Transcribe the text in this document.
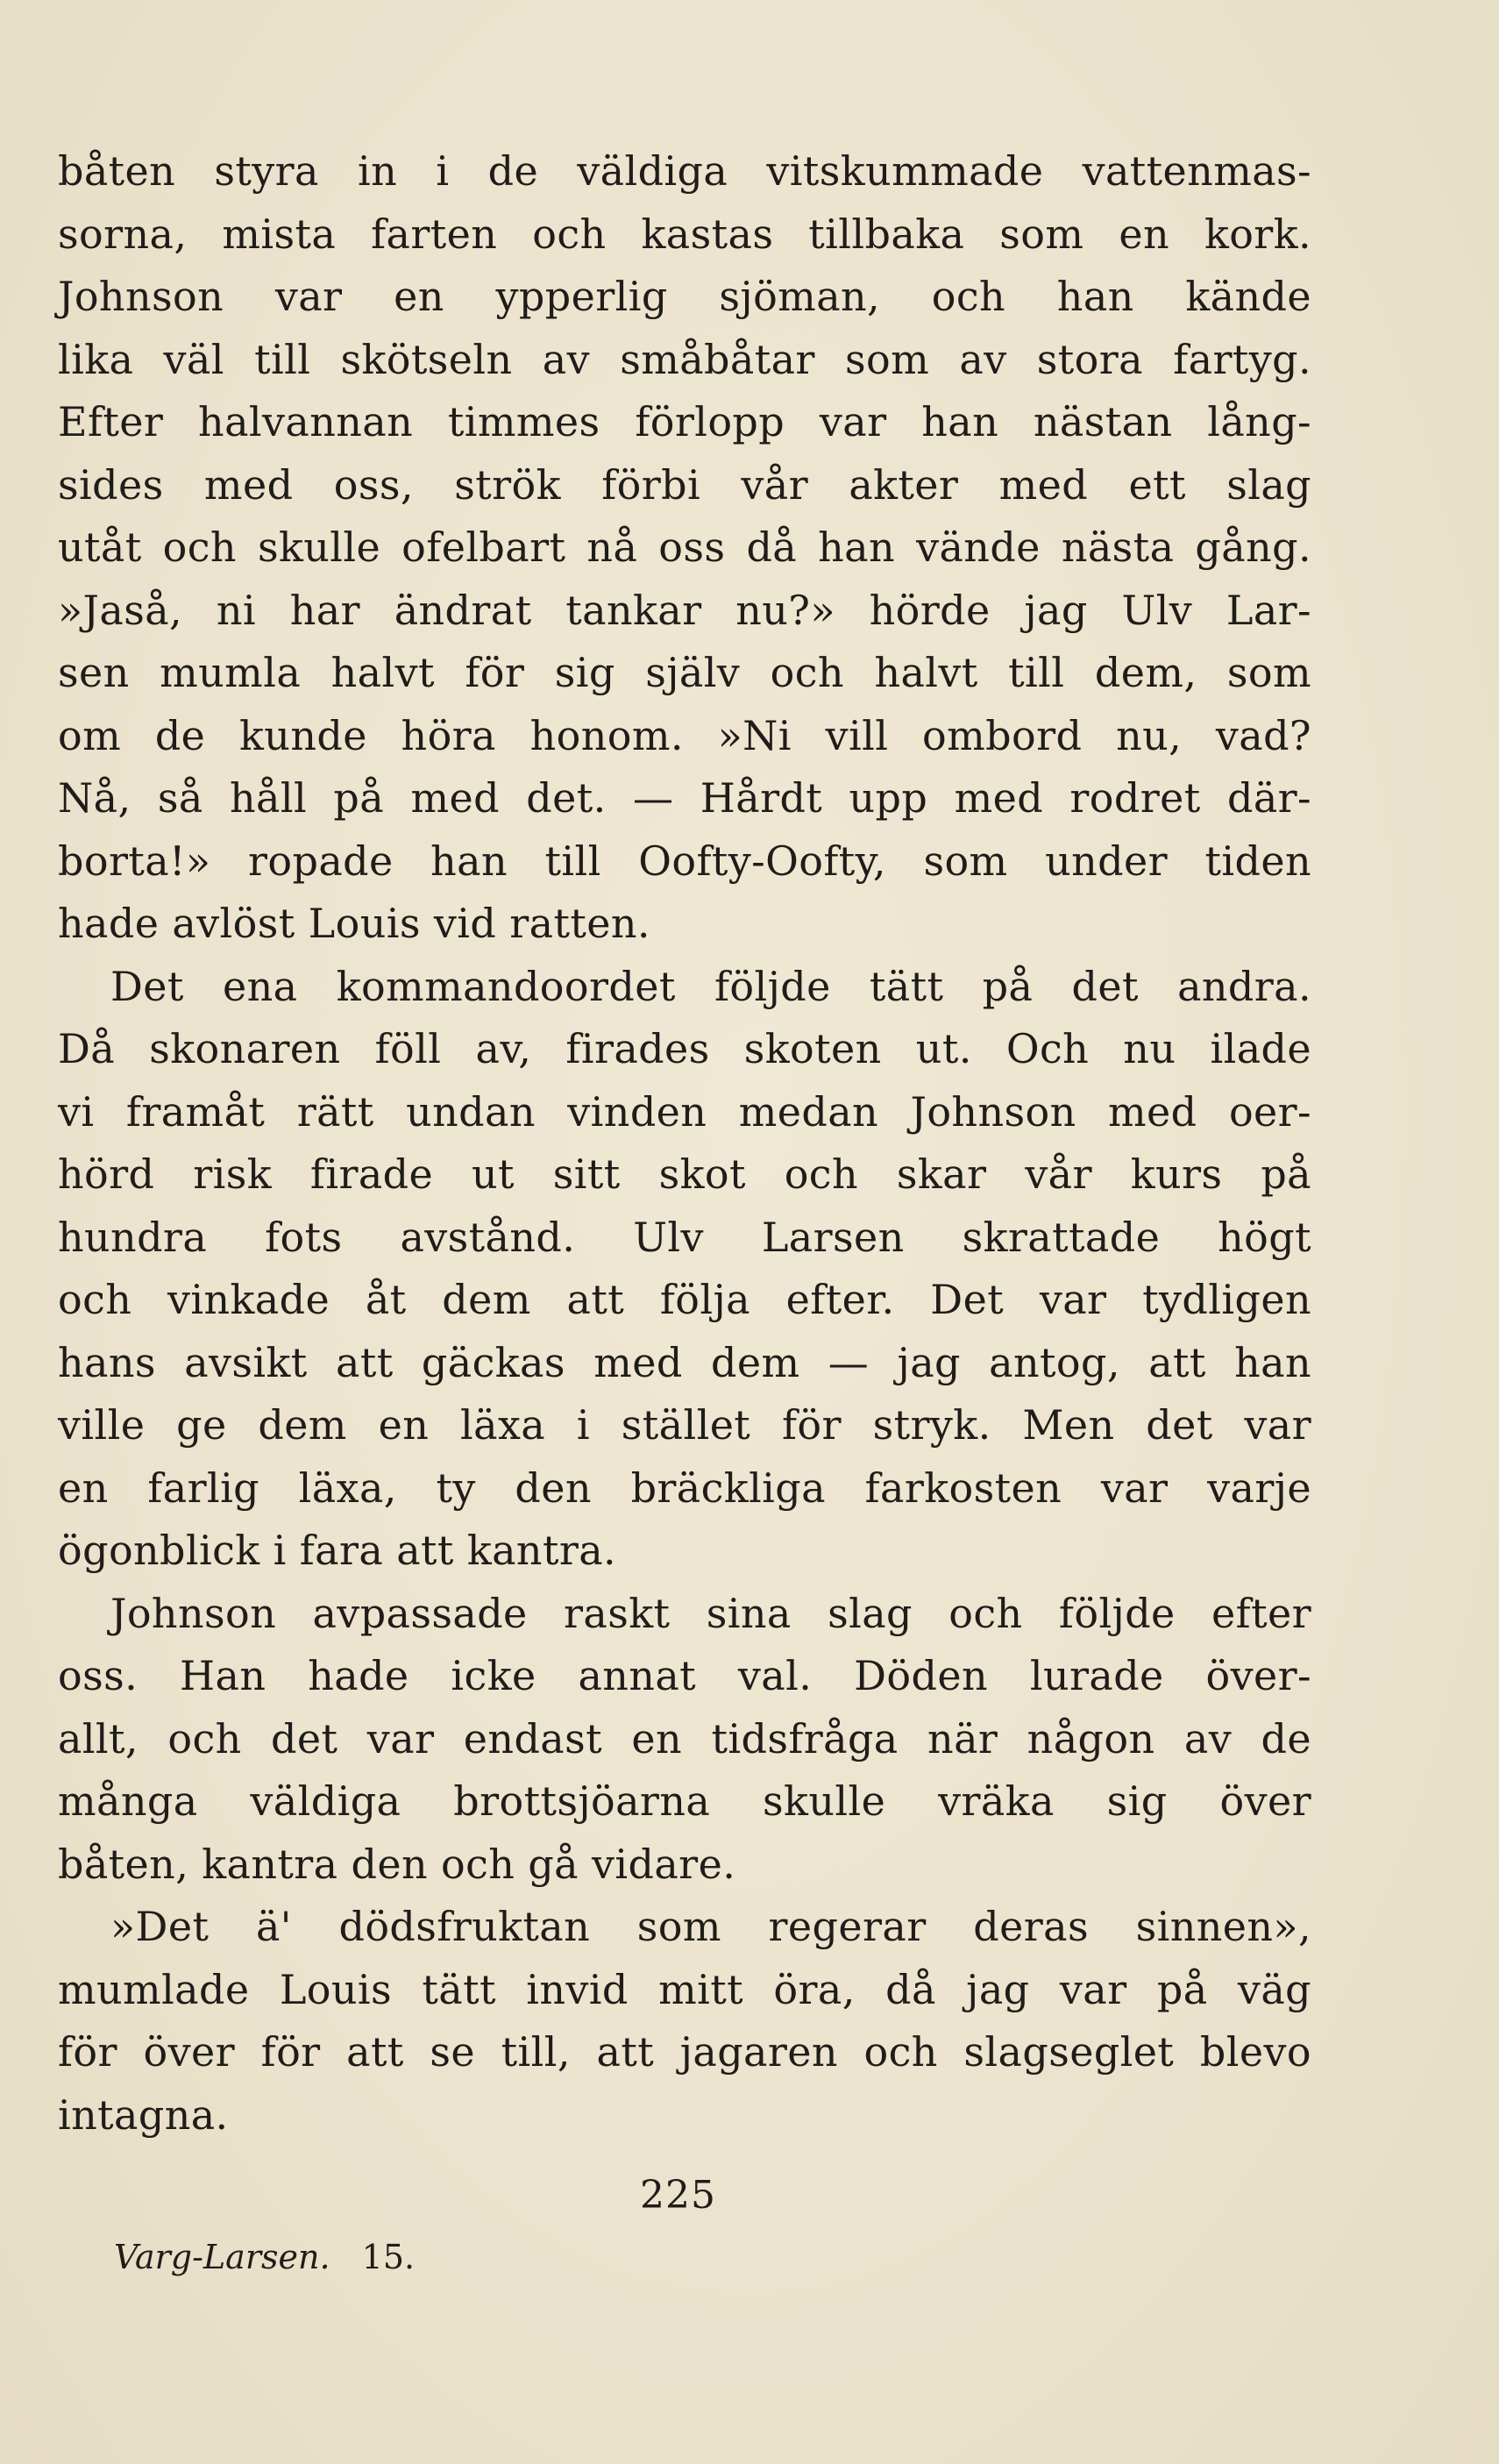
båten styra in i de väldiga vitskummade vattenmas-
sorna, mista farten och kastas tillbaka som en kork.
Johnson var en ypperlig sjöman, och han kände
lika väl till skötseln av småbåtar som av stora fartyg.
Efter halvannan timmes förlopp var han nästan lång-
sides med oss, strök förbi vår akter med ett slag
utåt och skulle ofelbart nå oss då han vände nästa gång.
»Jaså, ni har ändrat tankar nu?» hörde jag Ulv Lar-
sen mumla halvt för sig själv och halvt till dem, som
om de kunde höra honom. »Ni vill ombord nu, vad?
Nå, så håll på med det. — Hårdt upp med rodret där-
borta!» ropade han till Oofty-Oofty, som under tiden
hade avlöst Louis vid ratten.
Det ena kommandoordet följde tätt på det andra.
Då skonaren föll av, firades skoten ut. Och nu ilade
vi framåt rätt undan vinden medan Johnson med oer-
hörd risk firade ut sitt skot och skar vår kurs på
hundra fots avstånd. Ulv Larsen skrattade högt
och vinkade åt dem att följa efter. Det var tydligen
hans avsikt att gäckas med dem — jag antog, att han
ville ge dem en läxa i stället för stryk. Men det var
en farlig läxa, ty den bräckliga farkosten var varje
ögonblick i fara att kantra.
Johnson avpassade raskt sina slag och följde efter
oss. Han hade icke annat val. Döden lurade över-
allt, och det var endast en tidsfråga när någon av de
många väldiga brottsjöarna skulle vräka sig över
båten, kantra den och gå vidare.
»Det ä' dödsfruktan som regerar deras sinnen»,
mumlade Louis tätt invid mitt öra, då jag var på väg
för över för att se till, att jagaren och slagseglet blevo
intagna.
225
Varg-Larsen. 15.
